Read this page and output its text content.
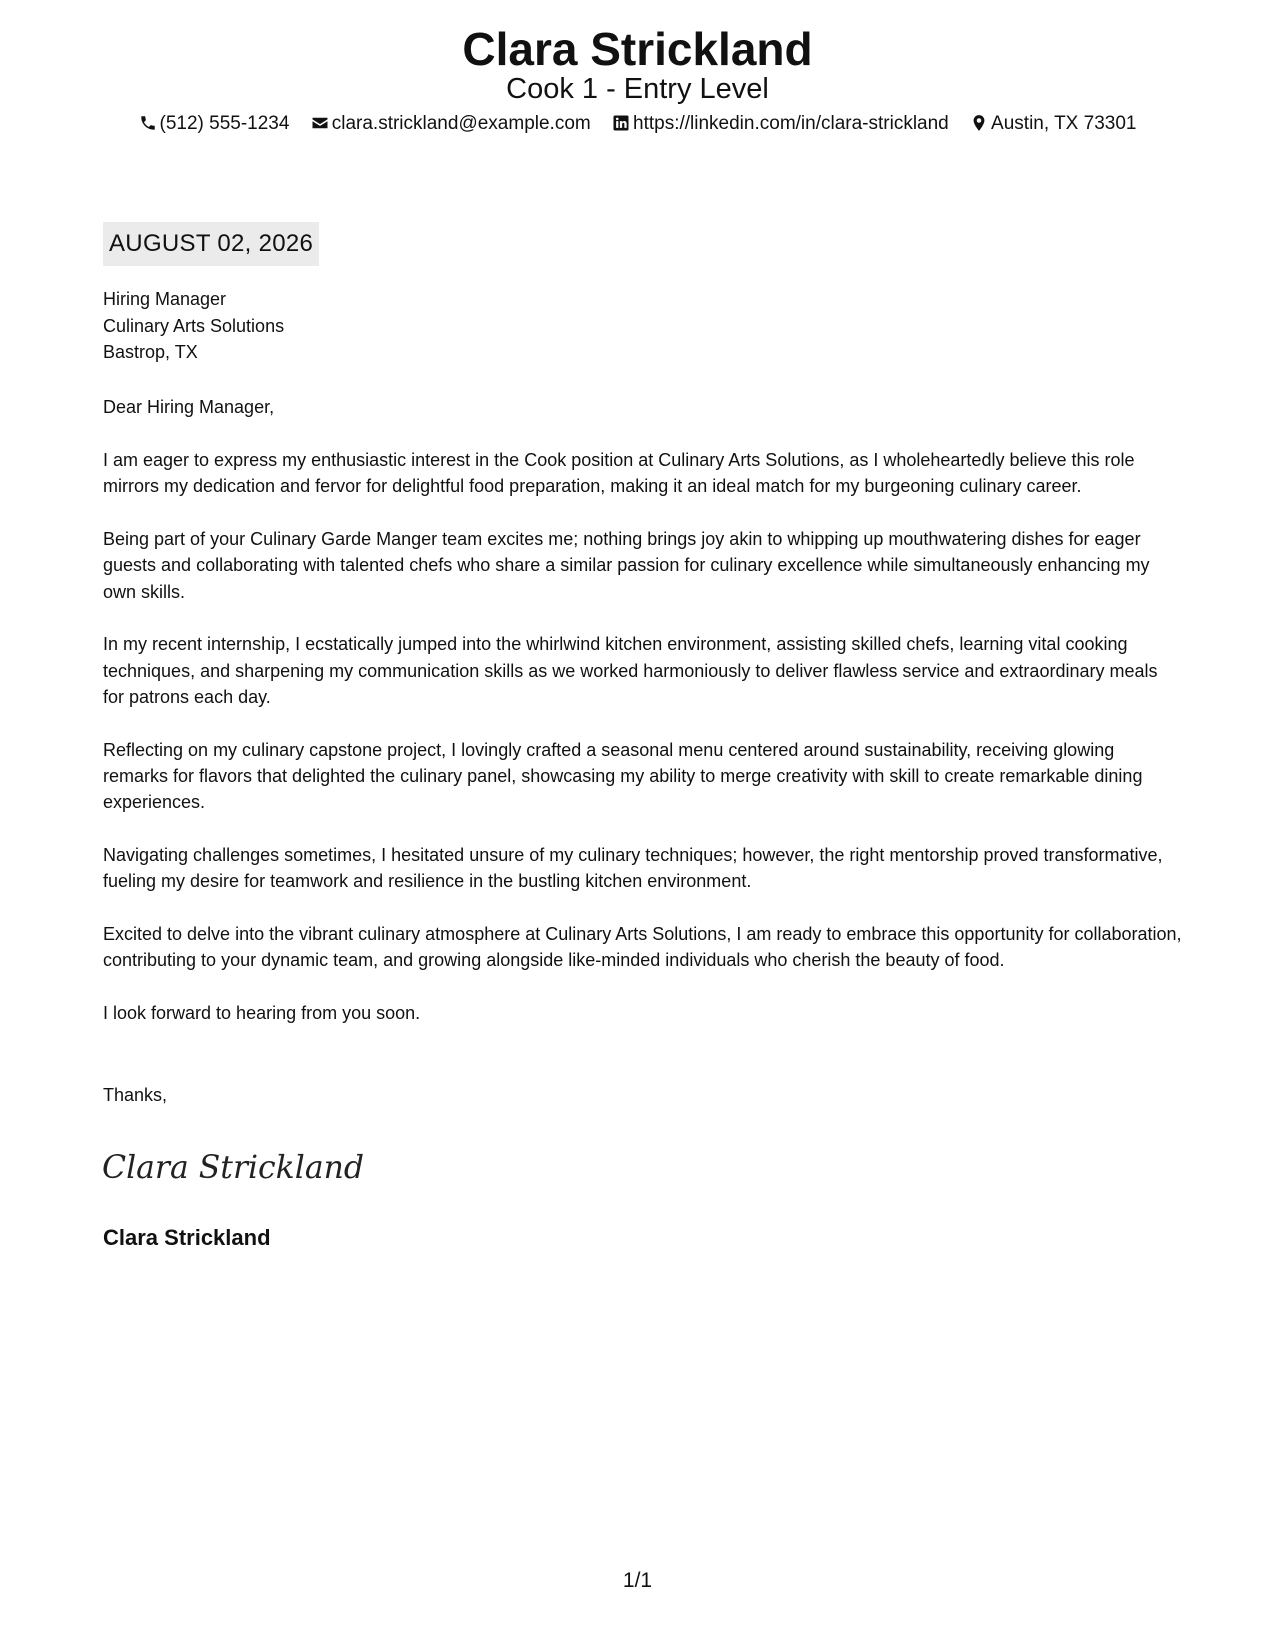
Clara Strickland
Cook 1 - Entry Level
(512) 555-1234 clara.strickland@example.com https://linkedin.com/in/clara-strickland Austin, TX 73301
AUGUST 02, 2026
Hiring Manager
Culinary Arts Solutions
Bastrop, TX
Dear Hiring Manager,

I am eager to express my enthusiastic interest in the Cook position at Culinary Arts Solutions, as I wholeheartedly believe this role mirrors my dedication and fervor for delightful food preparation, making it an ideal match for my burgeoning culinary career.

Being part of your Culinary Garde Manger team excites me; nothing brings joy akin to whipping up mouthwatering dishes for eager guests and collaborating with talented chefs who share a similar passion for culinary excellence while simultaneously enhancing my own skills.

In my recent internship, I ecstatically jumped into the whirlwind kitchen environment, assisting skilled chefs, learning vital cooking techniques, and sharpening my communication skills as we worked harmoniously to deliver flawless service and extraordinary meals for patrons each day.

Reflecting on my culinary capstone project, I lovingly crafted a seasonal menu centered around sustainability, receiving glowing remarks for flavors that delighted the culinary panel, showcasing my ability to merge creativity with skill to create remarkable dining experiences.

Navigating challenges sometimes, I hesitated unsure of my culinary techniques; however, the right mentorship proved transformative, fueling my desire for teamwork and resilience in the bustling kitchen environment.

Excited to delve into the vibrant culinary atmosphere at Culinary Arts Solutions, I am ready to embrace this opportunity for collaboration, contributing to your dynamic team, and growing alongside like-minded individuals who cherish the beauty of food.

I look forward to hearing from you soon.

Thanks,
Clara Strickland
Clara Strickland
1/1
